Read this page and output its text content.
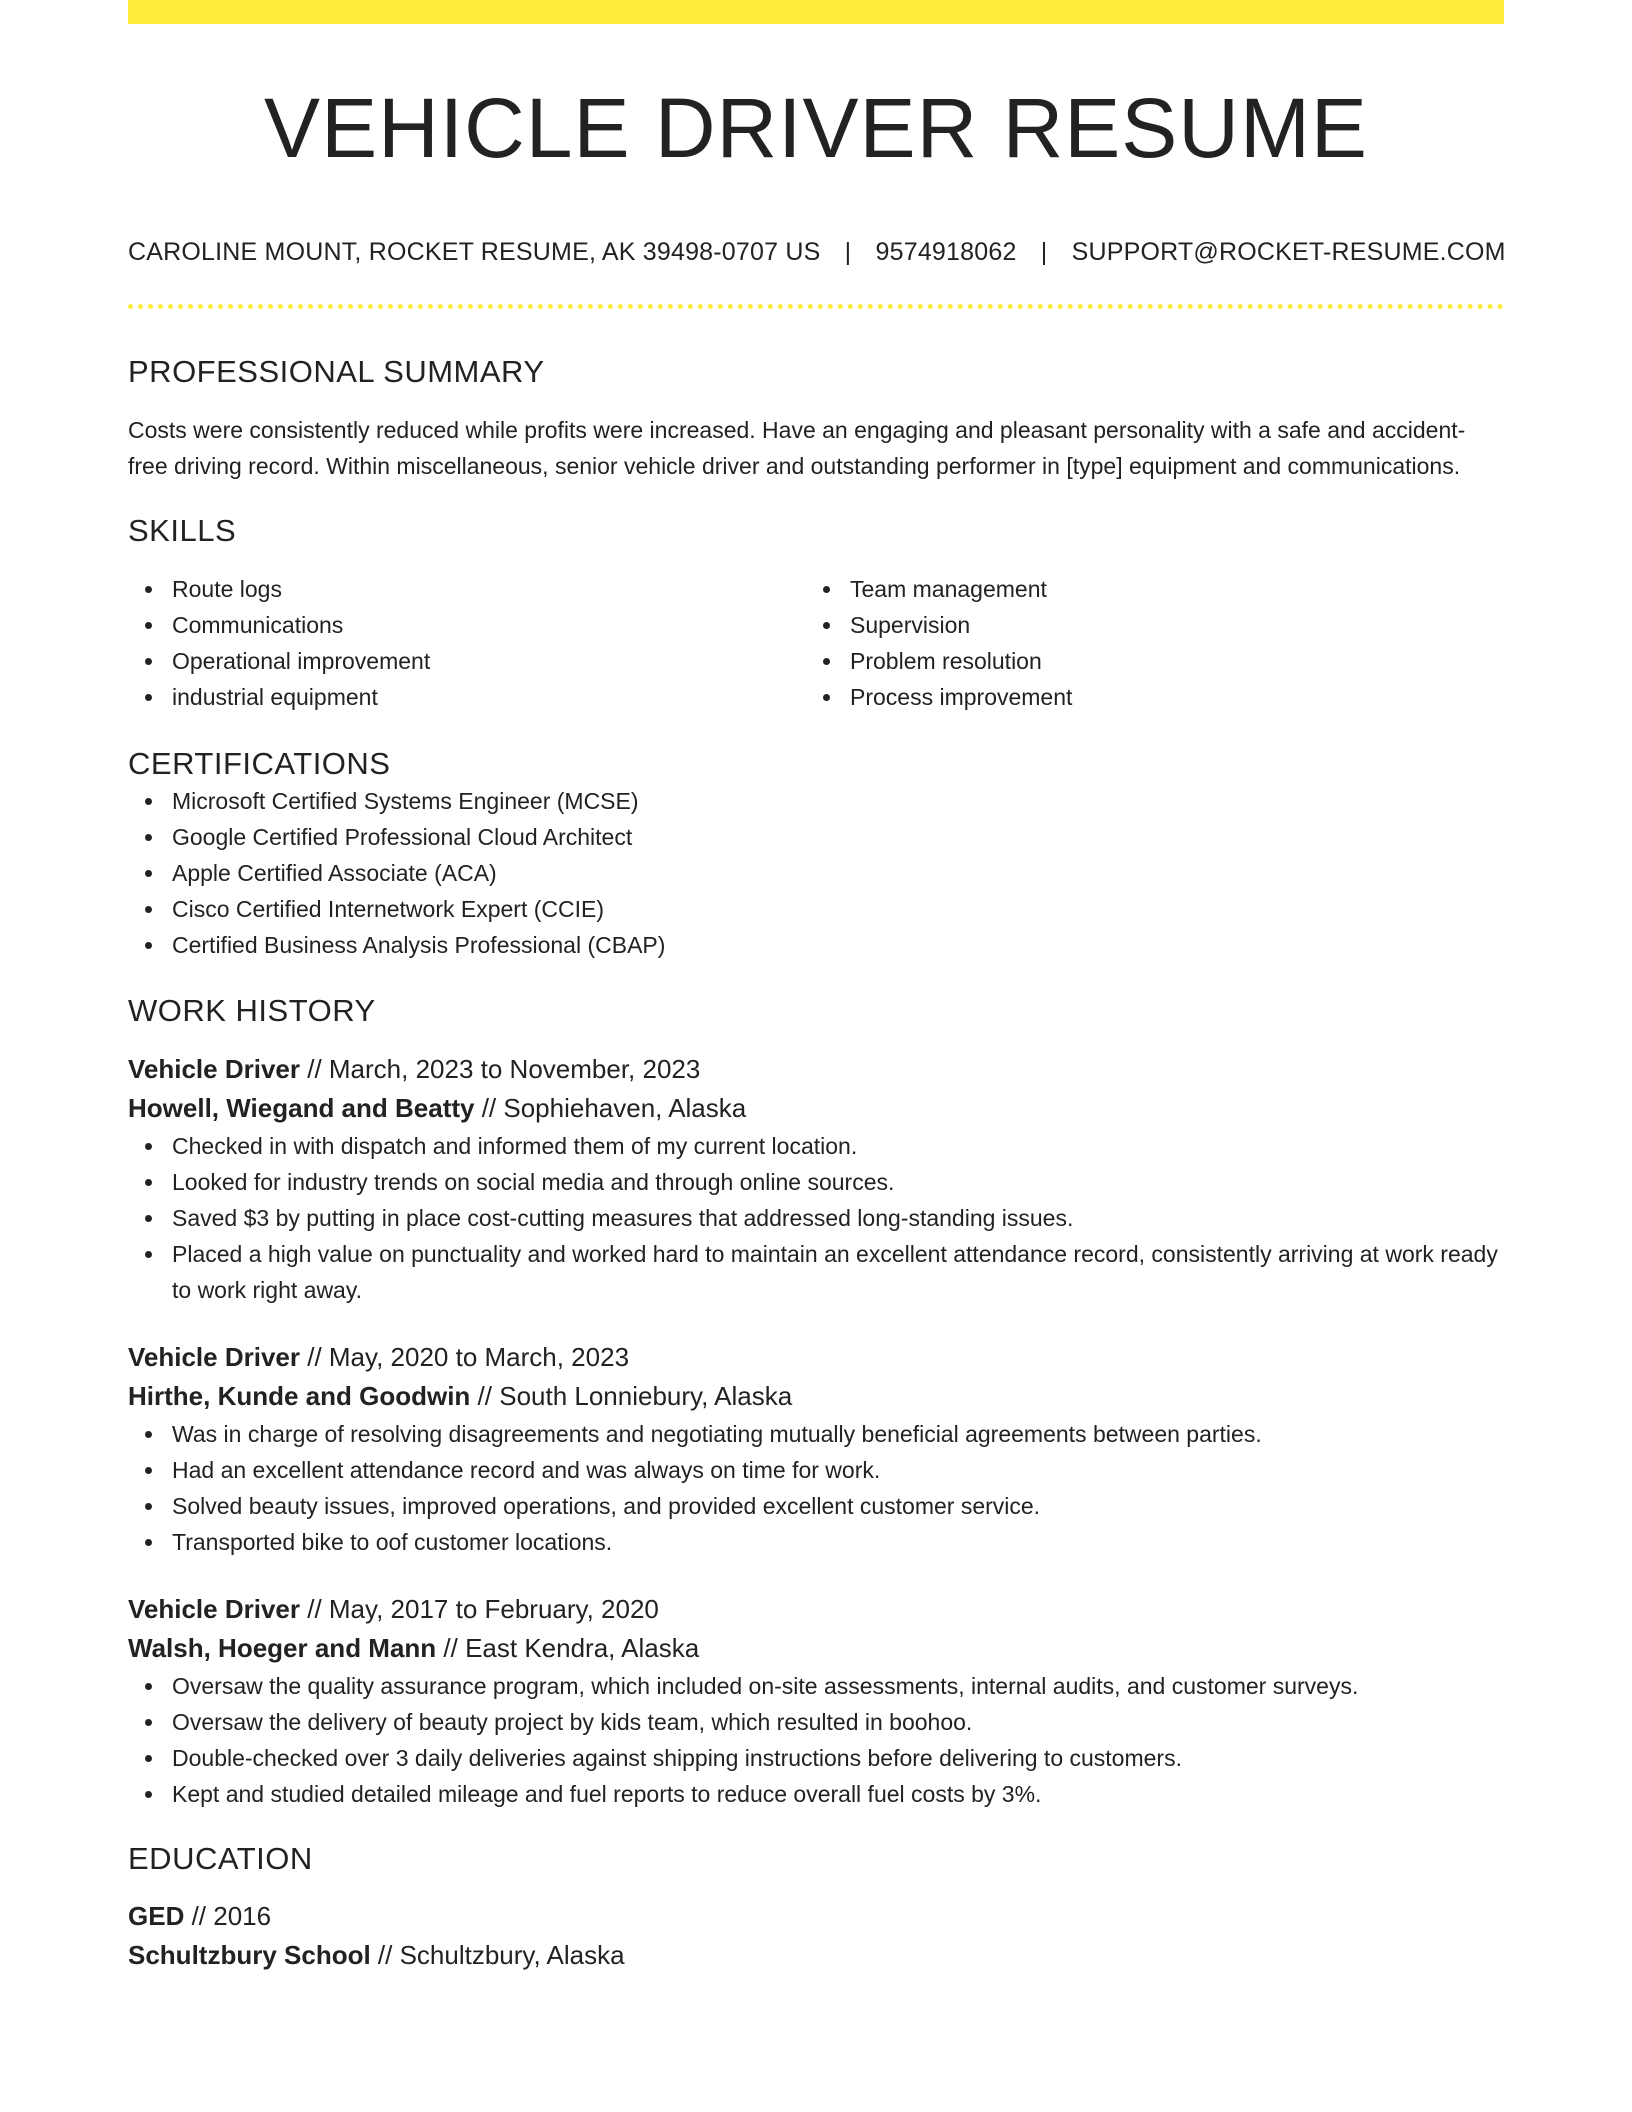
VEHICLE DRIVER RESUME
CAROLINE MOUNT, ROCKET RESUME, AK 39498-0707 US | 9574918062 | SUPPORT@ROCKET-RESUME.COM
PROFESSIONAL SUMMARY
Costs were consistently reduced while profits were increased. Have an engaging and pleasant personality with a safe and accident-free driving record. Within miscellaneous, senior vehicle driver and outstanding performer in [type] equipment and communications.
SKILLS
Route logs
Communications
Operational improvement
industrial equipment
Team management
Supervision
Problem resolution
Process improvement
CERTIFICATIONS
Microsoft Certified Systems Engineer (MCSE)
Google Certified Professional Cloud Architect
Apple Certified Associate (ACA)
Cisco Certified Internetwork Expert (CCIE)
Certified Business Analysis Professional (CBAP)
WORK HISTORY
Vehicle Driver // March, 2023 to November, 2023
Howell, Wiegand and Beatty // Sophiehaven, Alaska
Checked in with dispatch and informed them of my current location.
Looked for industry trends on social media and through online sources.
Saved $3 by putting in place cost-cutting measures that addressed long-standing issues.
Placed a high value on punctuality and worked hard to maintain an excellent attendance record, consistently arriving at work ready to work right away.
Vehicle Driver // May, 2020 to March, 2023
Hirthe, Kunde and Goodwin // South Lonniebury, Alaska
Was in charge of resolving disagreements and negotiating mutually beneficial agreements between parties.
Had an excellent attendance record and was always on time for work.
Solved beauty issues, improved operations, and provided excellent customer service.
Transported bike to oof customer locations.
Vehicle Driver // May, 2017 to February, 2020
Walsh, Hoeger and Mann // East Kendra, Alaska
Oversaw the quality assurance program, which included on-site assessments, internal audits, and customer surveys.
Oversaw the delivery of beauty project by kids team, which resulted in boohoo.
Double-checked over 3 daily deliveries against shipping instructions before delivering to customers.
Kept and studied detailed mileage and fuel reports to reduce overall fuel costs by 3%.
EDUCATION
GED // 2016
Schultzbury School // Schultzbury, Alaska
